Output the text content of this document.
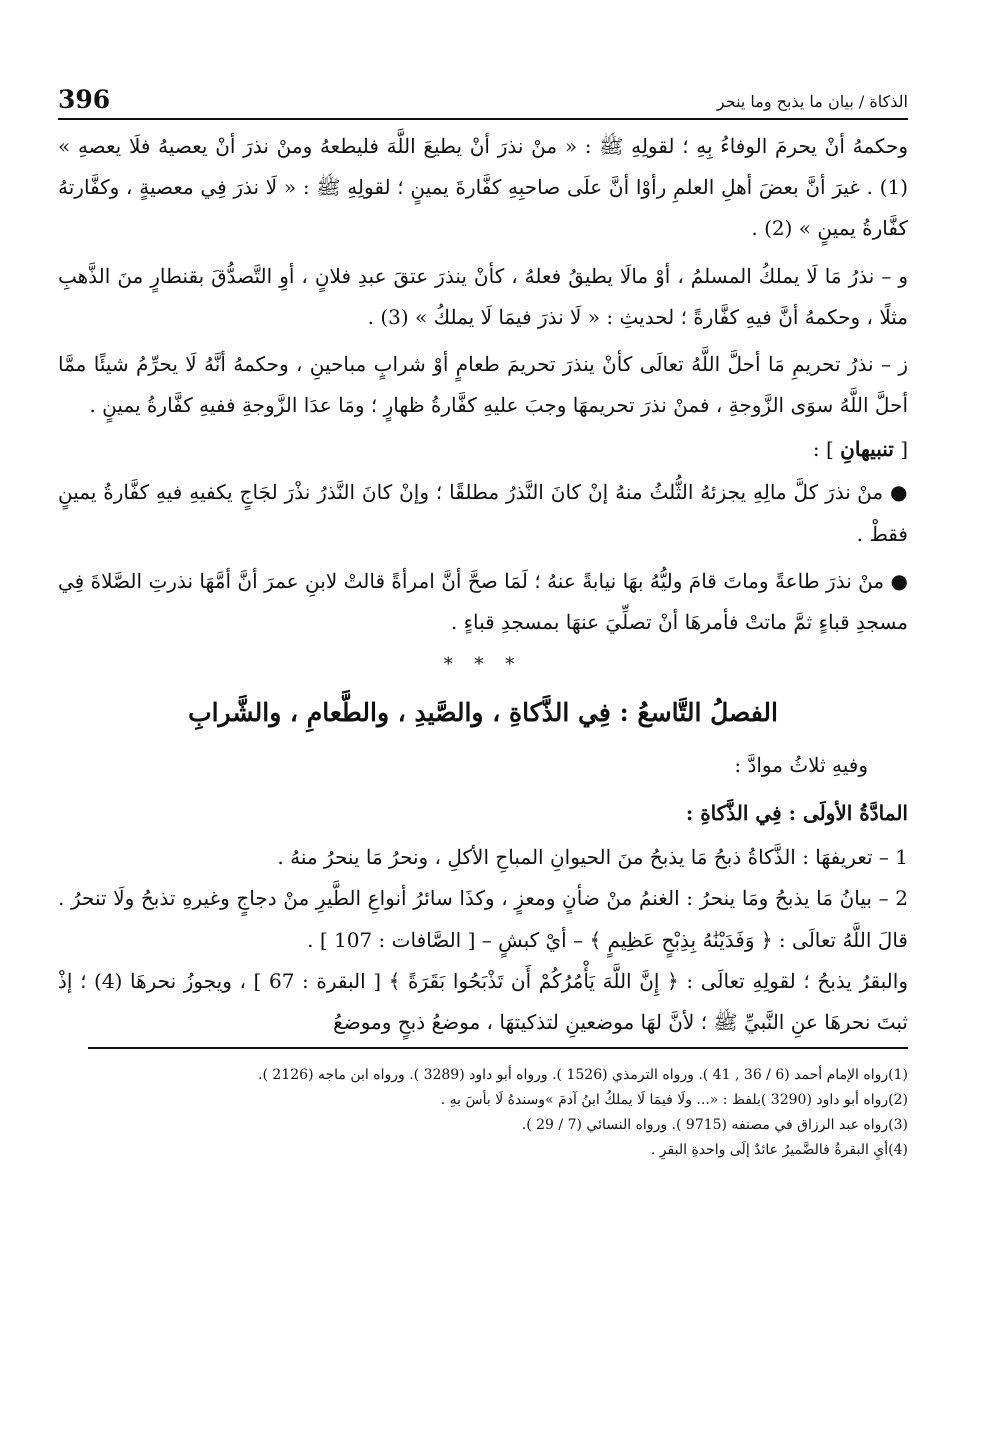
الذكاة / بيان ما يذبح وما ينحر
396

وحكمهُ أنْ يحرمَ الوفاءُ بِهِ ؛ لقولِهِ ﷺ : « منْ نذرَ أنْ يطيعَ اللَّهَ فليطعهُ ومنْ نذرَ أنْ يعصيهُ فلَا يعصهِ » (1) . غيرَ أنَّ بعضَ أهلِ العلمِ رأوْا أنَّ علَى صاحبِهِ كفَّارةَ يمينٍ ؛ لقولِهِ ﷺ : « لَا نذرَ فِي معصيةٍ ، وكفَّارتهُ كفَّارةُ يمينٍ » (2) .

و – نذرُ مَا لَا يملكُ المسلمُ ، أوْ مالَا يطيقُ فعلهُ ، كأنْ ينذرَ عتقَ عبدِ فلانٍ ، أوِ التَّصدُّقَ بقنطارٍ منَ الذَّهبِ مثلًا ، وحكمهُ أنَّ فيهِ كفَّارةً ؛ لحديثِ : « لَا نذرَ فيمَا لَا يملكُ » (3) .

ز – نذرُ تحريمِ مَا أحلَّ اللَّهُ تعالَى كأنْ ينذرَ تحريمَ طعامٍ أوْ شرابٍ مباحينِ ، وحكمهُ أنَّهُ لَا يحرِّمُ شيئًا ممَّا أحلَّ اللَّهُ سوَى الزَّوجةِ ، فمنْ نذرَ تحريمهَا وجبَ عليهِ كفَّارةُ ظهارٍ ؛ ومَا عدَا الزَّوجةِ ففيهِ كفَّارةُ يمينٍ .

[ تنبيهانِ ] :

● منْ نذرَ كلَّ مالِهِ يجزئهُ الثُّلثُ منهُ إنْ كانَ النَّذرُ مطلقًا ؛ وإنْ كانَ النَّذرُ نذْرَ لجَاجٍ يكفيهِ فيهِ كفَّارةُ يمينٍ فقطْ .

● منْ نذرَ طاعةً وماتَ قامَ وليُّهُ بهَا نيابةً عنهُ ؛ لَمَا صحَّ أنَّ امرأةً قالتْ لابنِ عمرَ أنَّ أمَّهَا نذرتِ الصَّلاةَ فِي مسجدِ قباءٍ ثمَّ ماتتْ فأمرهَا أنْ تصلِّيَ عنهَا بمسجدِ قباءٍ .

* * *
الفصلُ التَّاسعُ : فِي الذَّكاةِ ، والصَّيدِ ، والطَّعامِ ، والشَّرابِ

وفيهِ ثلاثُ موادَّ :

المادَّةُ الأولَى : فِي الذَّكاةِ :

1 – تعريفهَا : الذَّكاةُ ذبحُ مَا يذبحُ منَ الحيوانِ المباحِ الأكلِ ، ونحرُ مَا ينحرُ منهُ .

2 – بيانُ مَا يذبحُ ومَا ينحرُ : الغنمُ منْ ضأنٍ ومعزٍ ، وكذَا سائرُ أنواعِ الطَّيرِ منْ دجاجٍ وغيرهِ تذبحُ ولَا تنحرُ . قالَ اللَّهُ تعالَى : ﴿ وَفَدَيْنَٰهُ بِذِبْحٍ عَظِيمٍ ﴾ – أيْ كبشٍ – [ الصَّافات : 107 ] .

والبقرُ يذبحُ ؛ لقولِهِ تعالَى : ﴿ إِنَّ اللَّهَ يَأْمُرُكُمْ أَن تَذْبَحُوا بَقَرَةً ﴾ [ البقرة : 67 ] ، ويجوزُ نحرهَا (4) ؛ إذْ ثبتَ نحرهَا عنِ النَّبيِّ ﷺ ؛ لأنَّ لهَا موضعينِ لتذكيتهَا ، موضعُ ذبحٍ وموضعُ

(1)رواه الإمام أحمد (6 / 36 , 41 ). ورواه الترمذي (1526 ). ورواه أبو داود (3289 ). ورواه ابن ماجه (2126 ).

(2)رواه أبو داود (3290 )بلفظ : «... ولَا فيمَا لَا يملكُ ابنُ آدمَ »وسندهُ لَا بأسَ بهِ .

(3)رواه عبد الرزاق في مصنفه (9715 ). ورواه النسائي (7 / 29 ).

(4)أيِ البقرةُ فالضَّميرُ عائدٌ إلَى واحدةِ البقرِ .
